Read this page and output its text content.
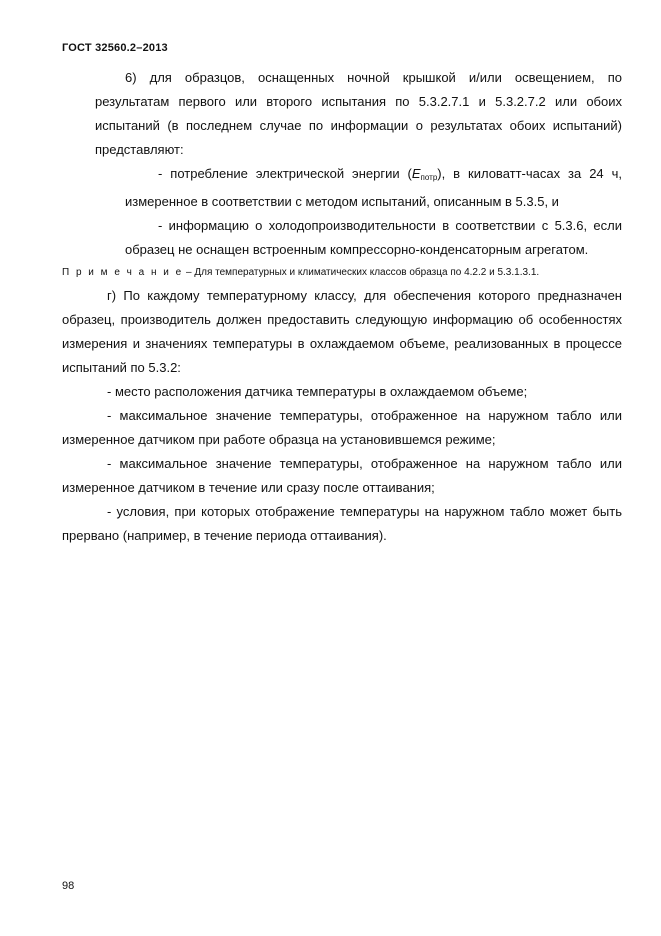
ГОСТ 32560.2–2013

6) для образцов, оснащенных ночной крышкой и/или освещением, по результатам первого или второго испытания по 5.3.2.7.1 и 5.3.2.7.2 или обоих испытаний (в последнем случае по информации о результатах обоих испытаний) представляют:

- потребление электрической энергии $(E_{потр})$, в киловатт-часах за 24 ч, измеренное в соответствии с методом испытаний, описанным в 5.3.5, и

- информацию о холодопроизводительности в соответствии с 5.3.6, если образец не оснащен встроенным компрессорно-конденсаторным агрегатом.

П р и м е ч а н и е – Для температурных и климатических классов образца по 4.2.2 и 5.3.1.3.1.

г) По каждому температурному классу, для обеспечения которого предназначен образец, производитель должен предоставить следующую информацию об особенностях измерения и значениях температуры в охлаждаемом объеме, реализованных в процессе испытаний по 5.3.2:

- место расположения датчика температуры в охлаждаемом объеме;

- максимальное значение температуры, отображенное на наружном табло или измеренное датчиком при работе образца на установившемся режиме;

- максимальное значение температуры, отображенное на наружном табло или измеренное датчиком в течение или сразу после оттаивания;

- условия, при которых отображение температуры на наружном табло может быть прервано (например, в течение периода оттаивания).

98
